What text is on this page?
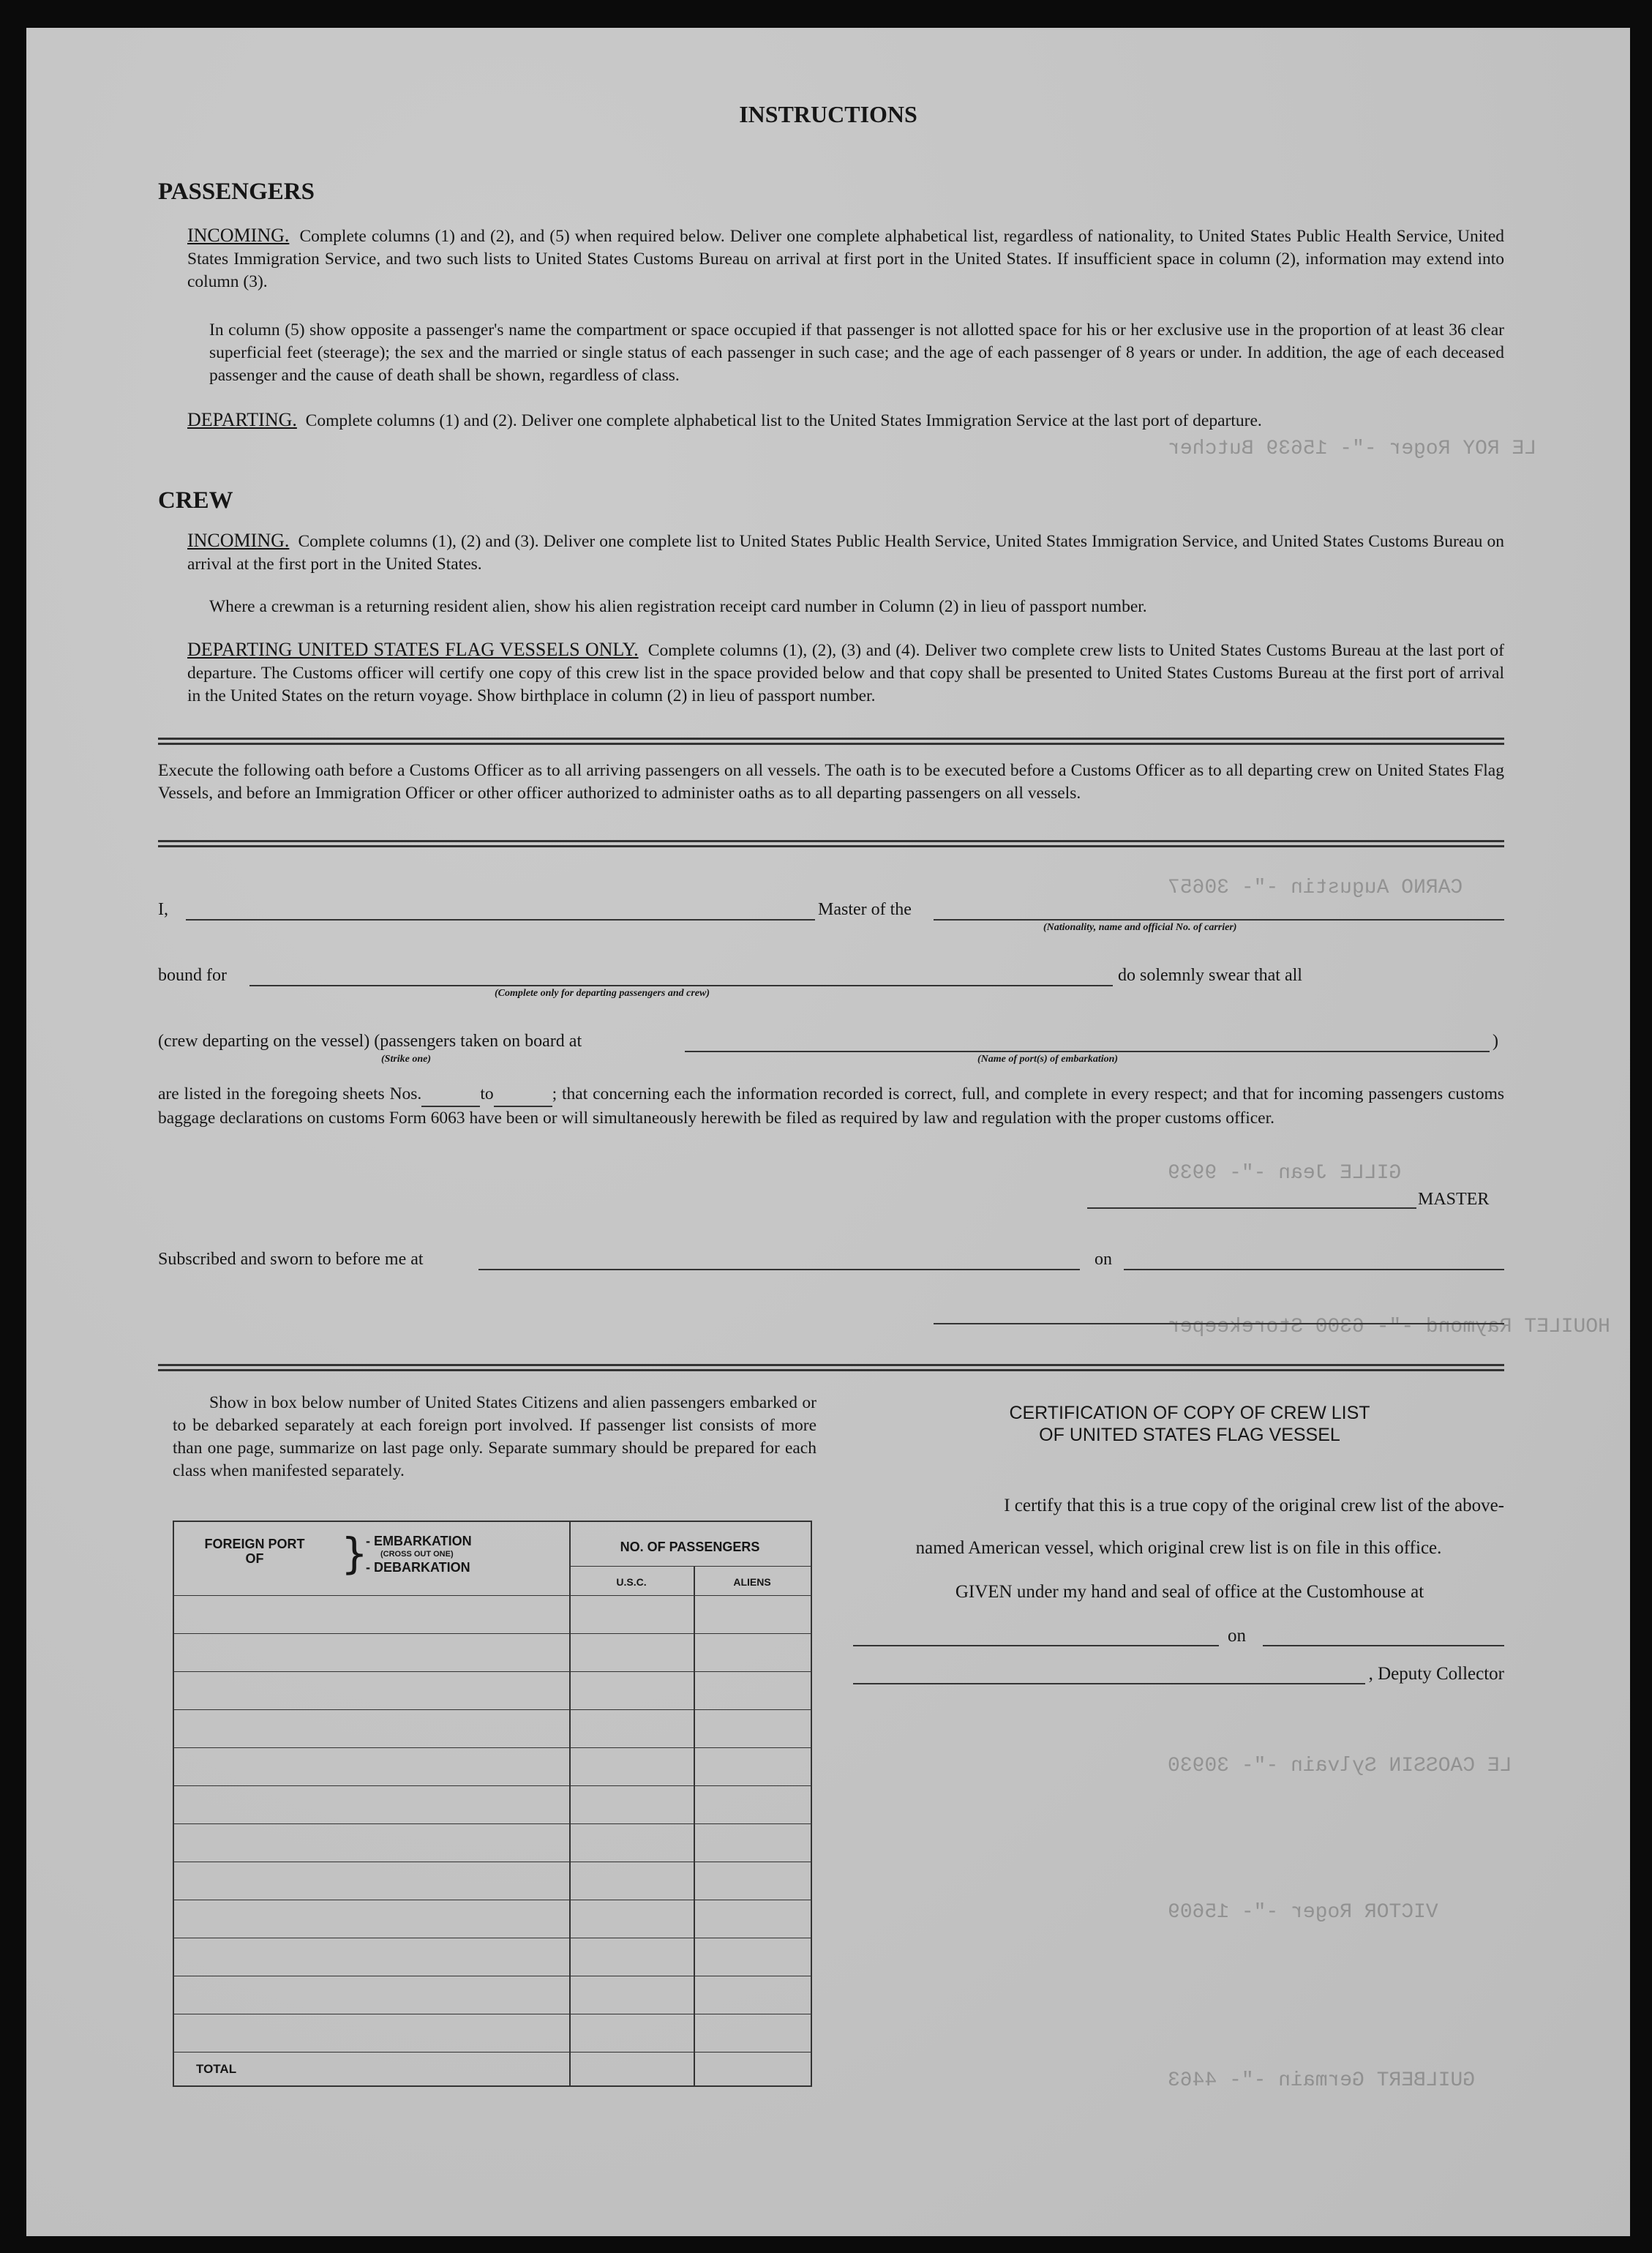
LE ROY Roger -"- 15639 Butcher
CARNO Augustin -"- 30657
GILLE Jean -"- 9939
HOUILET Raymond -"- 6300 Storekeeper
LE CAOSSIN Sylvain -"- 30930
VICTOR Roger -"- 15609
GUILBERT Germain -"- 4463
INSTRUCTIONS
PASSENGERS
INCOMING. Complete columns (1) and (2), and (5) when required below. Deliver one complete alphabetical list, regardless of nationality, to United States Public Health Service, United States Immigration Service, and two such lists to United States Customs Bureau on arrival at first port in the United States. If insufficient space in column (2), information may extend into column (3).
In column (5) show opposite a passenger's name the compartment or space occupied if that passenger is not allotted space for his or her exclusive use in the proportion of at least 36 clear superficial feet (steerage); the sex and the married or single status of each passenger in such case; and the age of each passenger of 8 years or under. In addition, the age of each deceased passenger and the cause of death shall be shown, regardless of class.
DEPARTING. Complete columns (1) and (2). Deliver one complete alphabetical list to the United States Immigration Service at the last port of departure.
CREW
INCOMING. Complete columns (1), (2) and (3). Deliver one complete list to United States Public Health Service, United States Immigration Service, and United States Customs Bureau on arrival at the first port in the United States.
Where a crewman is a returning resident alien, show his alien registration receipt card number in Column (2) in lieu of passport number.
DEPARTING UNITED STATES FLAG VESSELS ONLY. Complete columns (1), (2), (3) and (4). Deliver two complete crew lists to United States Customs Bureau at the last port of departure. The Customs officer will certify one copy of this crew list in the space provided below and that copy shall be presented to United States Customs Bureau at the first port of arrival in the United States on the return voyage. Show birthplace in column (2) in lieu of passport number.
Execute the following oath before a Customs Officer as to all arriving passengers on all vessels. The oath is to be executed before a Customs Officer as to all departing crew on United States Flag Vessels, and before an Immigration Officer or other officer authorized to administer oaths as to all departing passengers on all vessels.
I,	Master of the
(Nationality, name and official No. of carrier)
bound for	do solemnly swear that all
(Complete only for departing passengers and crew)
(crew departing on the vessel) (passengers taken on board at	)
(Strike one)	(Name of port(s) of embarkation)
are listed in the foregoing sheets Nos.	to	; that concerning each the information recorded is correct, full, and complete in every respect; and that for incoming passengers customs baggage declarations on customs Form 6063 have been or will simultaneously herewith be filed as required by law and regulation with the proper customs officer.
MASTER
Subscribed and sworn to before me at	on
Show in box below number of United States Citizens and alien passengers embarked or to be debarked separately at each foreign port involved. If passenger list consists of more than one page, summarize on last page only. Separate summary should be prepared for each class when manifested separately.
FOREIGN PORT OF	}
- EMBARKATION
(CROSS OUT ONE)
- DEBARKATION
NO. OF PASSENGERS
U.S.C.	ALIENS
TOTAL
CERTIFICATION OF COPY OF CREW LIST
OF UNITED STATES FLAG VESSEL
I certify that this is a true copy of the original crew list of the above-
named American vessel, which original crew list is on file in this office.
GIVEN under my hand and seal of office at the Customhouse at
on
, Deputy Collector
